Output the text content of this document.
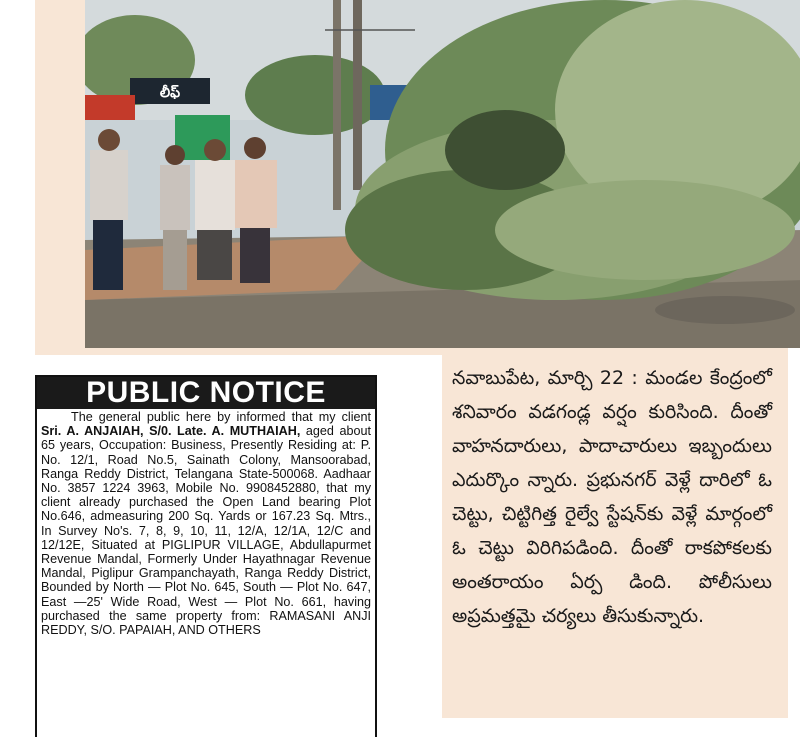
లీఫ్
PUBLIC NOTICE

The general public here by informed that my client Sri. A. ANJAIAH, S/0. Late. A. MUTHAIAH, aged about 65 years, Occupation: Business, Presently Residing at: P. No. 12/1, Road No.5, Sainath Colony, Mansoorabad, Ranga Reddy District, Telangana State-500068. Aadhaar No. 3857 1224 3963, Mobile No. 9908452880, that my client already purchased the Open Land bearing Plot No.646, admeasuring 200 Sq. Yards or 167.23 Sq. Mtrs., In Survey No's. 7, 8, 9, 10, 11, 12/A, 12/1A, 12/C and 12/12E, Situated at PIGLIPUR VILLAGE, Abdullapurmet Revenue Mandal, Formerly Under Hayathnagar Revenue Mandal, Piglipur Grampanchayath, Ranga Reddy District, Bounded by North — Plot No. 645, South — Plot No. 647, East —25' Wide Road, West — Plot No. 661, having purchased the same property from: RAMASANI ANJI REDDY, S/O. PAPAIAH, AND OTHERS

నవాబుపేట, మార్చి 22 : మండల కేంద్రంలో శనివారం వడగండ్ల వర్షం కురిసింది. దీంతో వాహనదారులు, పాదాచారులు ఇబ్బందులు ఎదుర్కొం న్నారు. ప్రభునగర్ వెళ్లే దారిలో ఓ చెట్టు, చిట్టిగిత్త రైల్వే స్టేషన్‌కు వెళ్లే మార్గంలో ఓ చెట్టు విరిగిపడింది. దీంతో రాకపోకలకు అంతరాయం ఏర్ప డింది. పోలీసులు అప్రమత్తమై చర్యలు తీసుకున్నారు.
